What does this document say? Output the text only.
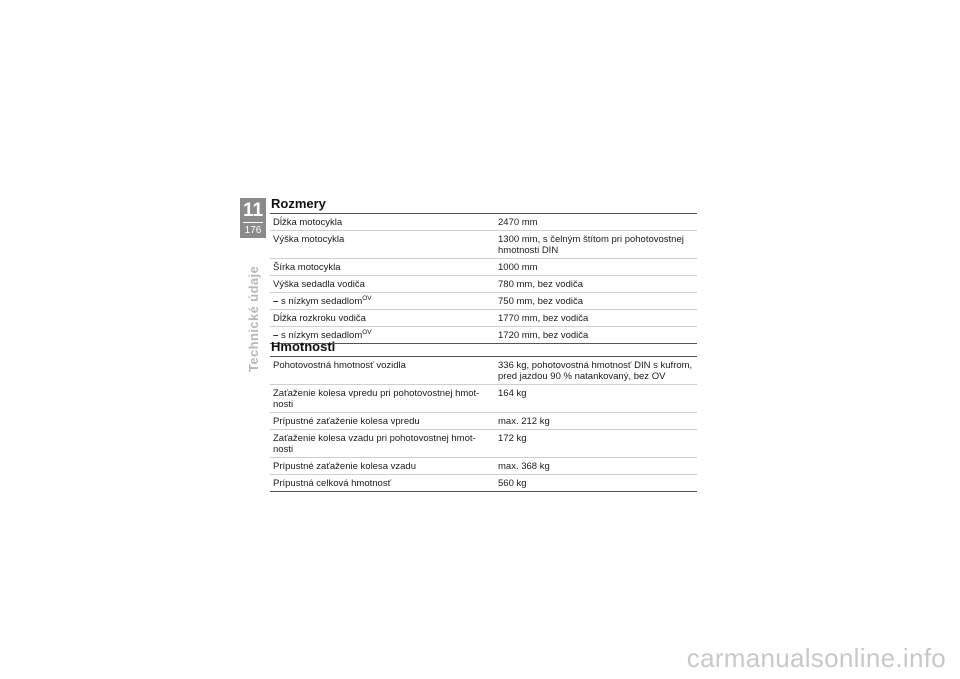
11
176
Technické údaje
Rozmery
Dĺžka motocykla	2470 mm
Výška motocykla	1300 mm, s čelným štítom pri pohotovostnej hmotnosti DIN
Šírka motocykla	1000 mm
Výška sedadla vodiča	780 mm, bez vodiča
– s nízkym sedadlom$^{OV}$	750 mm, bez vodiča
Dĺžka rozkroku vodiča	1770 mm, bez vodiča
– s nízkym sedadlom$^{OV}$	1720 mm, bez vodiča
Hmotnosti
Pohotovostná hmotnosť vozidla	336 kg, pohotovostná hmotnosť DIN s kufrom, pred jazdou 90 % natankovaný, bez OV
Zaťaženie kolesa vpredu pri pohotovostnej hmot-nosti	164 kg
Prípustné zaťaženie kolesa vpredu	max. 212 kg
Zaťaženie kolesa vzadu pri pohotovostnej hmot-nosti	172 kg
Prípustné zaťaženie kolesa vzadu	max. 368 kg
Prípustná celková hmotnosť	560 kg
carmanualsonline.info
